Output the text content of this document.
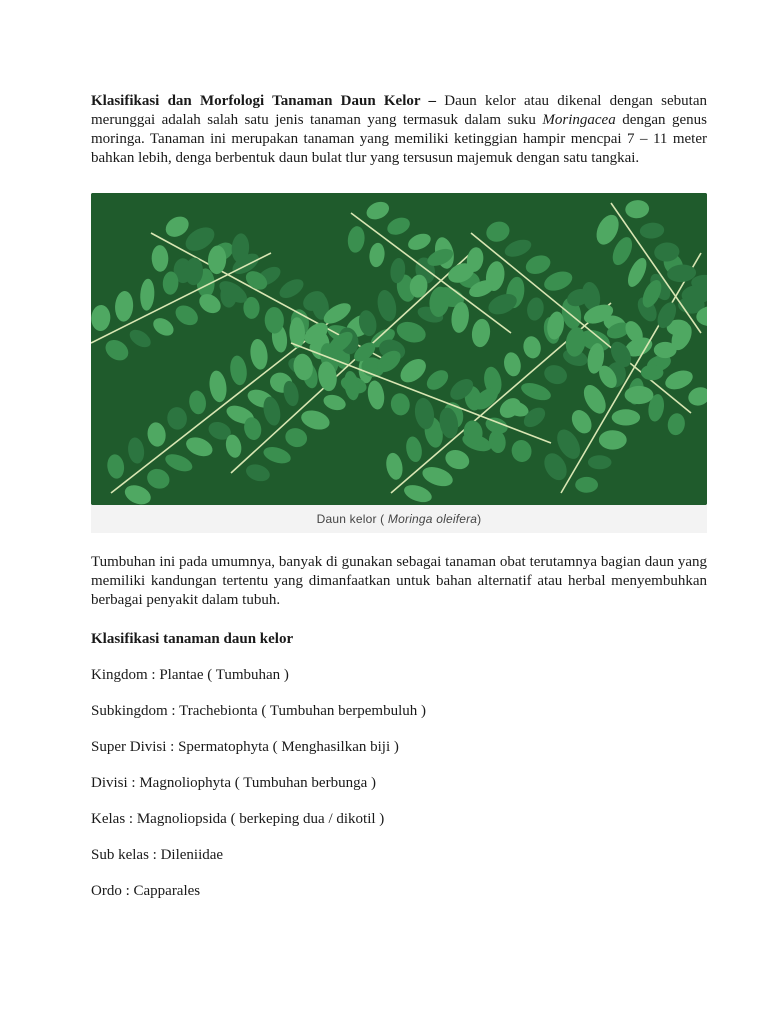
Klasifikasi dan Morfologi Tanaman Daun Kelor – Daun kelor atau dikenal dengan sebutan merunggai adalah salah satu jenis tanaman yang termasuk dalam suku Moringacea dengan genus moringa. Tanaman ini merupakan tanaman yang memiliki ketinggian hampir mencpai 7 – 11 meter bahkan lebih, denga berbentuk daun bulat tlur yang tersusun majemuk dengan satu tangkai.

Daun kelor (
Moringa oleifera )

Tumbuhan ini pada umumnya, banyak di gunakan sebagai tanaman obat terutamnya bagian daun yang memiliki kandungan tertentu yang dimanfaatkan untuk bahan alternatif atau herbal menyembuhkan berbagai penyakit dalam tubuh.

Klasifikasi tanaman daun kelor

Kingdom : Plantae ( Tumbuhan )
Subkingdom : Trachebionta ( Tumbuhan berpembuluh )
Super Divisi : Spermatophyta ( Menghasilkan biji )
Divisi : Magnoliophyta ( Tumbuhan berbunga )
Kelas : Magnoliopsida ( berkeping dua / dikotil )
Sub kelas : Dileniidae
Ordo : Capparales
